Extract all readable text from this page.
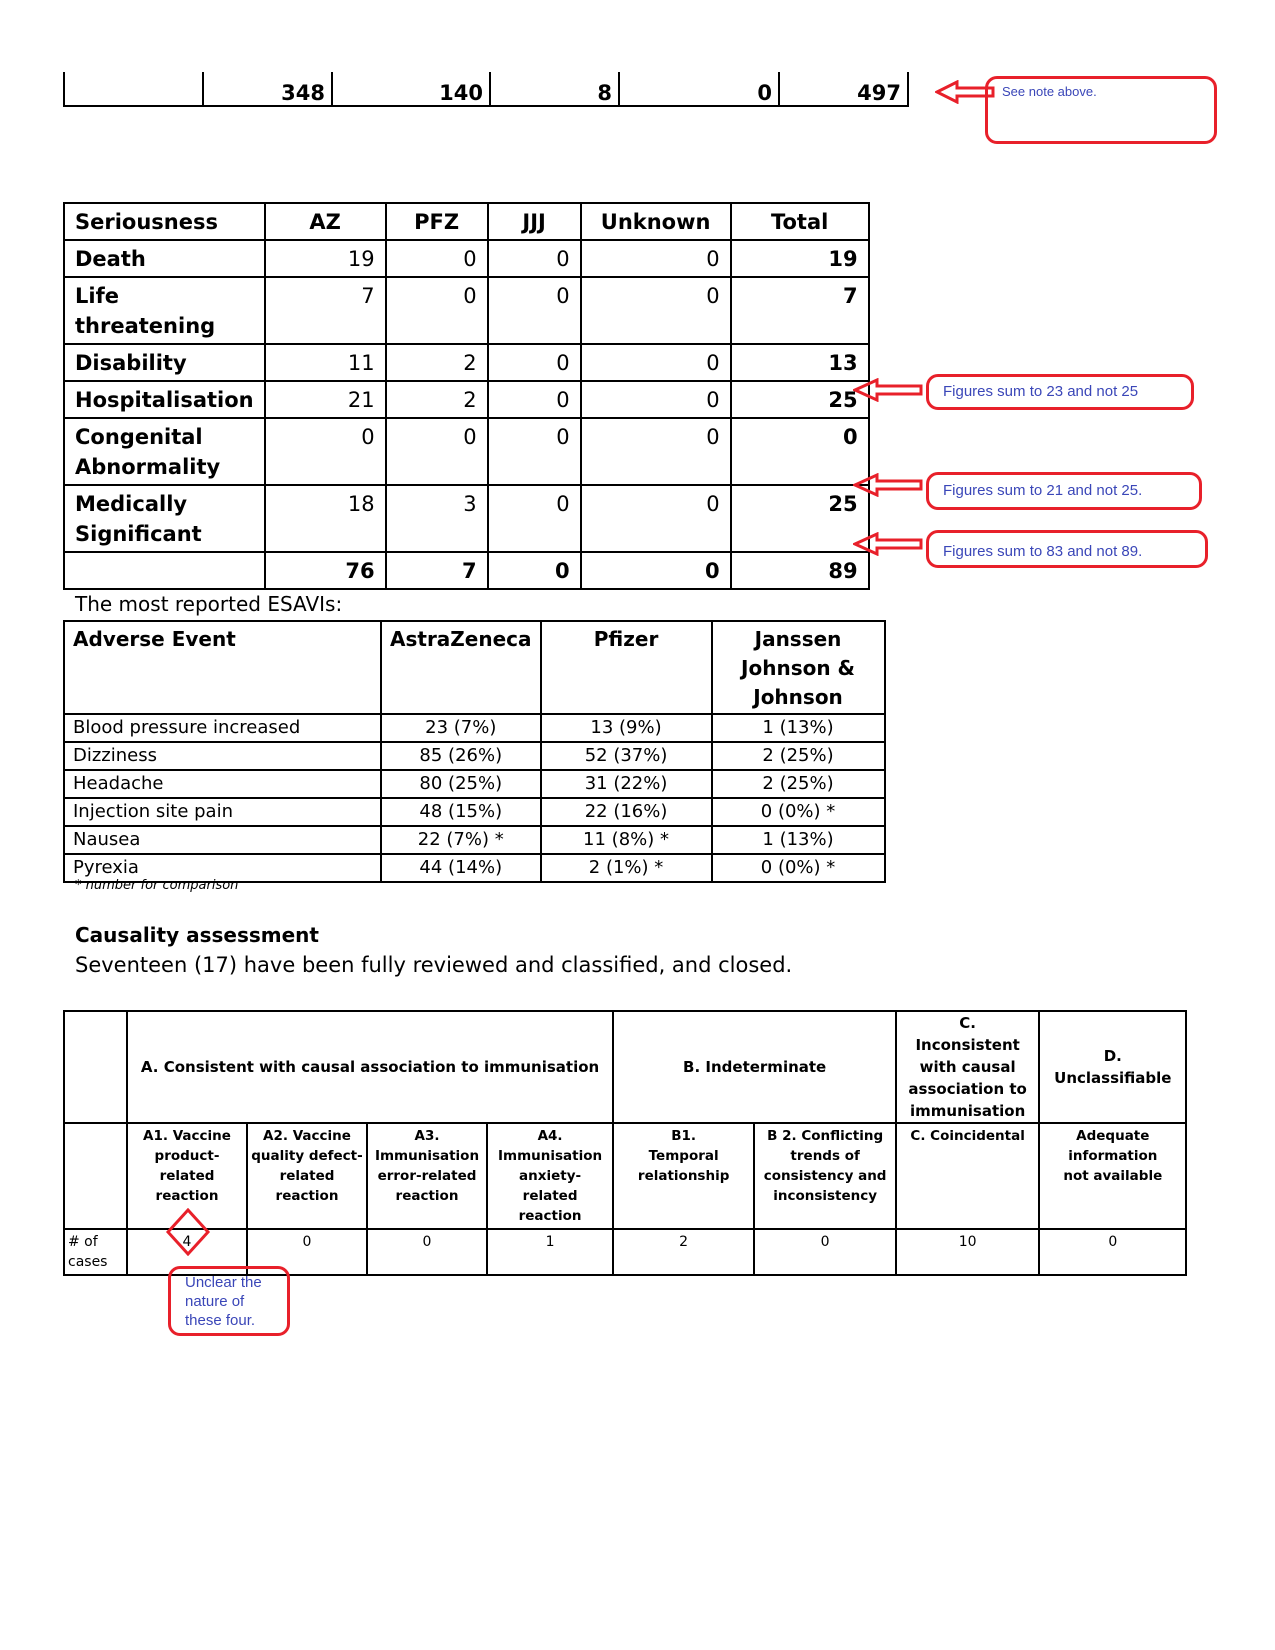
	348	140	8	0	497
Seriousness	AZ	PFZ	JJJ	Unknown	Total
Death	19	0	0	0	19
Life threatening	7	0	0	0	7
Disability	11	2	0	0	13
Hospitalisation	21	2	0	0	25
Congenital Abnormality	0	0	0	0	0
Medically Significant	18	3	0	0	25
	76	7	0	0	89
The most reported ESAVIs:
Adverse Event	AstraZeneca	Pfizer	Janssen Johnson & Johnson
Blood pressure increased	23 (7%)	13 (9%)	1 (13%)
Dizziness	85 (26%)	52 (37%)	2 (25%)
Headache	80 (25%)	31 (22%)	2 (25%)
Injection site pain	48 (15%)	22 (16%)	0 (0%) *
Nausea	22 (7%) *	11 (8%) *	1 (13%)
Pyrexia	44 (14%)	2 (1%) *	0 (0%) *
* number for comparison
Causality assessment
Seventeen (17) have been fully reviewed and classified, and closed.
	A. Consistent with causal association to immunisation				B. Indeterminate		C. Inconsistent with causal association to immunisation	D. Unclassifiable
	A1. Vaccine product-related reaction	A2. Vaccine quality defect-related reaction	A3. Immunisation error-related reaction	A4. Immunisation anxiety-related reaction	B1. Temporal relationship	B 2. Conflicting trends of consistency and inconsistency	C. Coincidental	Adequate information not available
# of cases	4	0	0	1	2	0	10	0
See note above.
Figures sum to 23 and not 25
Figures sum to 21 and not 25.
Figures sum to 83 and not 89.
Unclear the nature of these four.
